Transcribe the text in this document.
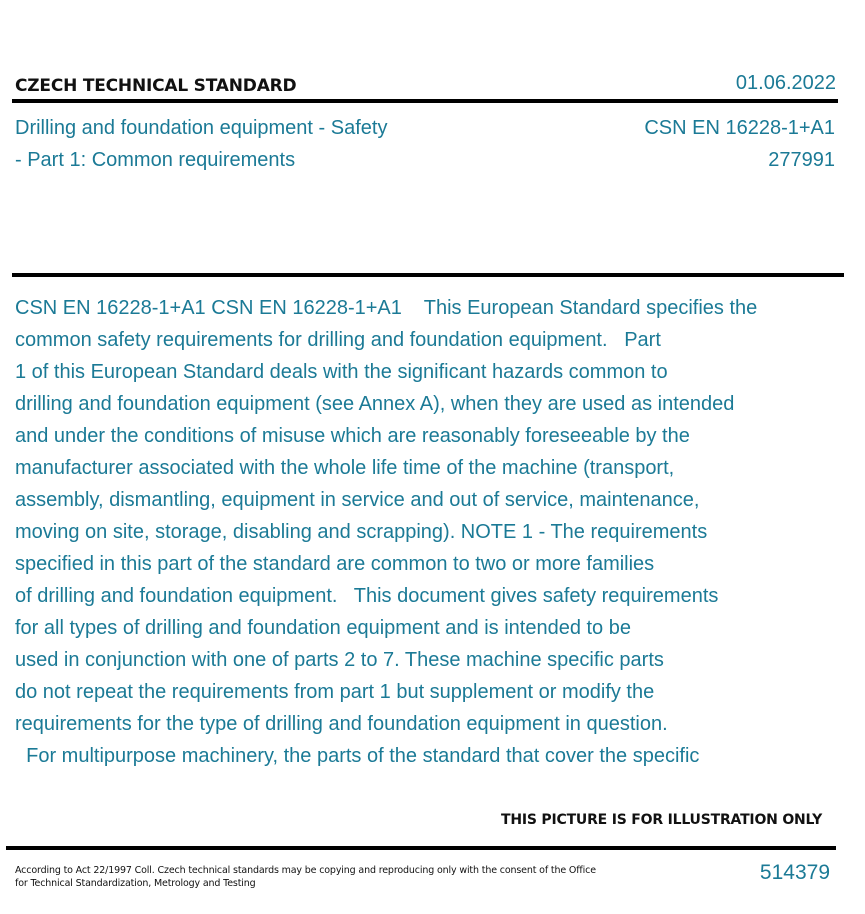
CZECH TECHNICAL STANDARD	01.06.2022
Drilling and foundation equipment - Safety
- Part 1: Common requirements
CSN EN 16228-1+A1
277991
CSN EN 16228-1+A1 CSN EN 16228-1+A1    This European Standard specifies the
common safety requirements for drilling and foundation equipment.   Part
1 of this European Standard deals with the significant hazards common to
drilling and foundation equipment (see Annex A), when they are used as intended
and under the conditions of misuse which are reasonably foreseeable by the
manufacturer associated with the whole life time of the machine (transport,
assembly, dismantling, equipment in service and out of service, maintenance,
moving on site, storage, disabling and scrapping). NOTE 1 - The requirements
specified in this part of the standard are common to two or more families
of drilling and foundation equipment.   This document gives safety requirements
for all types of drilling and foundation equipment and is intended to be
used in conjunction with one of parts 2 to 7. These machine specific parts
do not repeat the requirements from part 1 but supplement or modify the
requirements for the type of drilling and foundation equipment in question.
For multipurpose machinery, the parts of the standard that cover the specific
THIS PICTURE IS FOR ILLUSTRATION ONLY
According to Act 22/1997 Coll. Czech technical standards may be copying and reproducing only with the consent of the Office
for Technical Standardization, Metrology and Testing	514379
